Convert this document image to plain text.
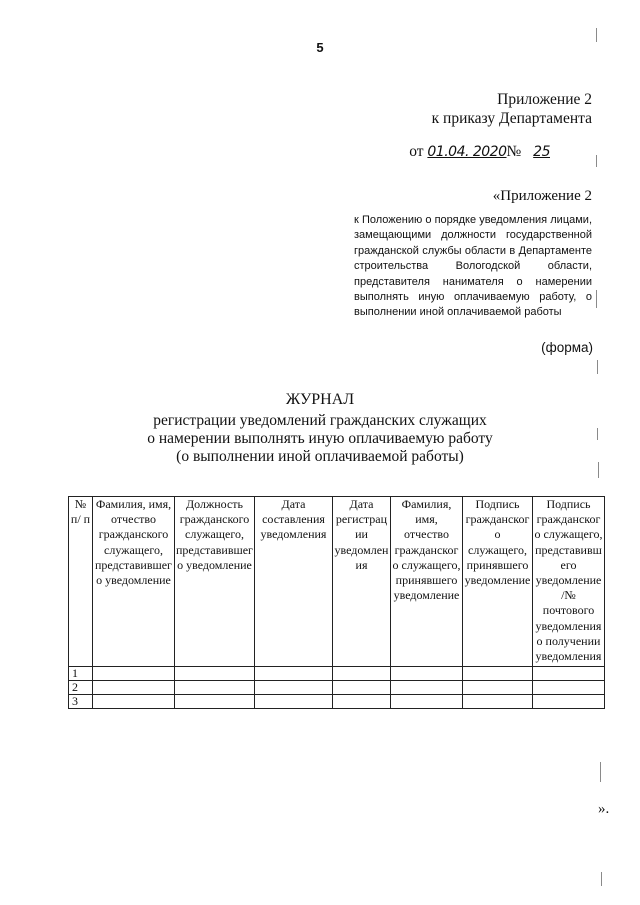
5
Приложение 2
к приказу Департамента
от 01.04. 2020№ 25
«Приложение 2
к Положению о порядке уведомления лицами, замещающими должности государственной гражданской службы области в Департаменте строительства Вологодской области, представителя нанимателя о намерении выполнять иную оплачиваемую работу, о выполнении иной оплачиваемой работы
(форма)
ЖУРНАЛ
регистрации уведомлений гражданских служащих
о намерении выполнять иную оплачиваемую работу
(о выполнении иной оплачиваемой работы)
№ п/ п	Фамилия, имя, отчество гражданского служащего, представившего уведомление	Должность гражданского служащего, представившего уведомление	Дата составления уведомления	Дата регистрации уведомления	Фамилия, имя, отчество гражданского служащего, принявшего уведомление	Подпись гражданского служащего, принявшего уведомление	Подпись гражданского служащего, представившего уведомление/№ почтового уведомления о получении уведомления
1							
2							
3							
».
